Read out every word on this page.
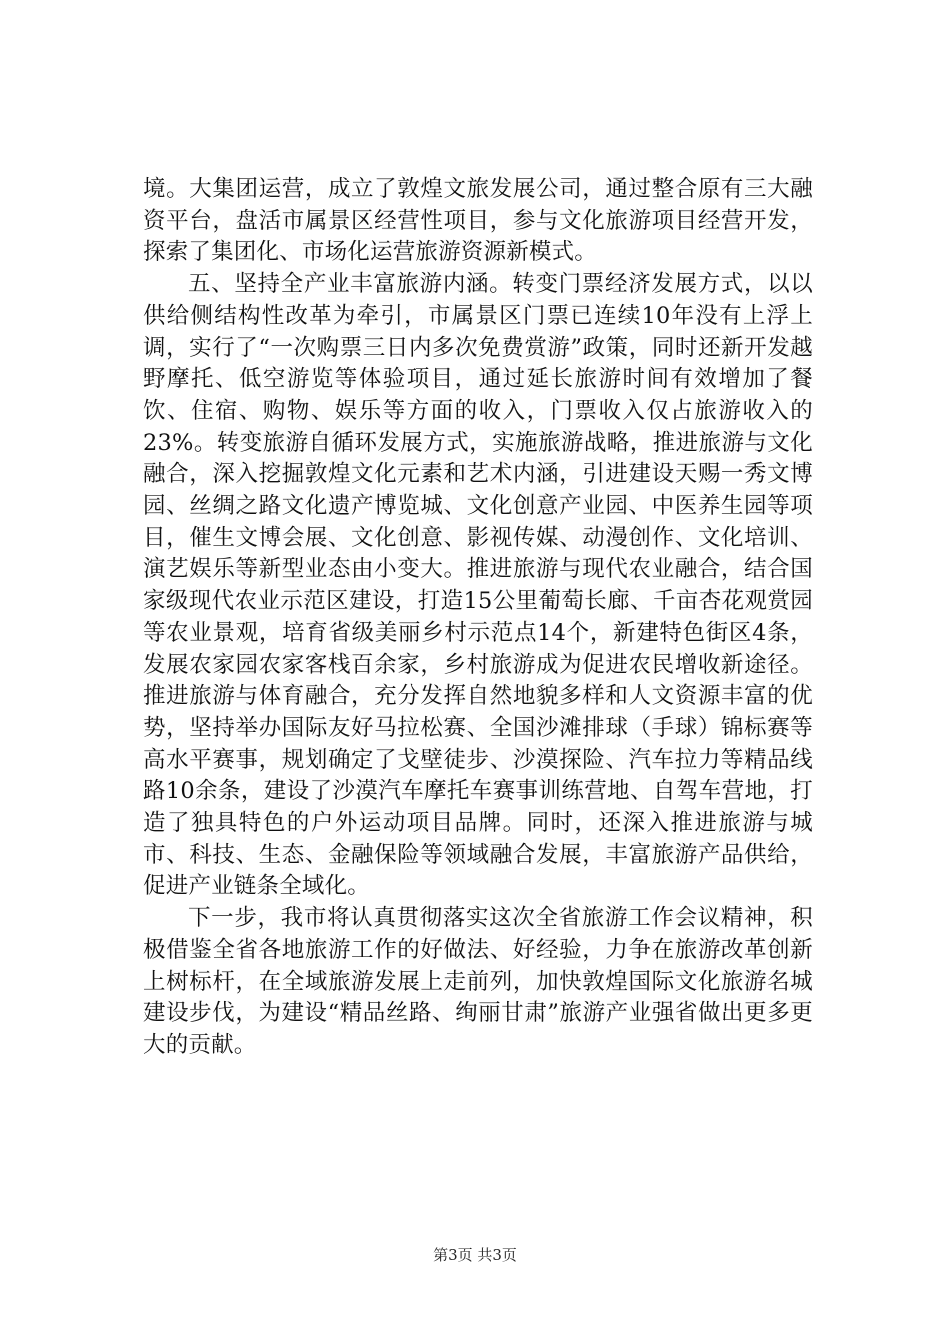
境。大集团运营，成立了敦煌文旅发展公司，通过整合原有三大融资平台，盘活市属景区经营性项目，参与文化旅游项目经营开发，探索了集团化、市场化运营旅游资源新模式。

五、坚持全产业丰富旅游内涵。转变门票经济发展方式，以以供给侧结构性改革为牵引，市属景区门票已连续10年没有上浮上调，实行了“一次购票三日内多次免费赏游”政策，同时还新开发越野摩托、低空游览等体验项目，通过延长旅游时间有效增加了餐饮、住宿、购物、娱乐等方面的收入，门票收入仅占旅游收入的23%。转变旅游自循环发展方式，实施旅游战略，推进旅游与文化融合，深入挖掘敦煌文化元素和艺术内涵，引进建设天赐一秀文博园、丝绸之路文化遗产博览城、文化创意产业园、中医养生园等项目，催生文博会展、文化创意、影视传媒、动漫创作、文化培训、演艺娱乐等新型业态由小变大。推进旅游与现代农业融合，结合国家级现代农业示范区建设，打造15公里葡萄长廊、千亩杏花观赏园等农业景观，培育省级美丽乡村示范点14个，新建特色街区4条，发展农家园农家客栈百余家，乡村旅游成为促进农民增收新途径。推进旅游与体育融合，充分发挥自然地貌多样和人文资源丰富的优势，坚持举办国际友好马拉松赛、全国沙滩排球（手球）锦标赛等高水平赛事，规划确定了戈壁徒步、沙漠探险、汽车拉力等精品线路10余条，建设了沙漠汽车摩托车赛事训练营地、自驾车营地，打造了独具特色的户外运动项目品牌。同时，还深入推进旅游与城市、科技、生态、金融保险等领域融合发展，丰富旅游产品供给，促进产业链条全域化。

下一步，我市将认真贯彻落实这次全省旅游工作会议精神，积极借鉴全省各地旅游工作的好做法、好经验，力争在旅游改革创新上树标杆，在全域旅游发展上走前列，加快敦煌国际文化旅游名城建设步伐，为建设“精品丝路、绚丽甘肃”旅游产业强省做出更多更大的贡献。

第3页 共3页
